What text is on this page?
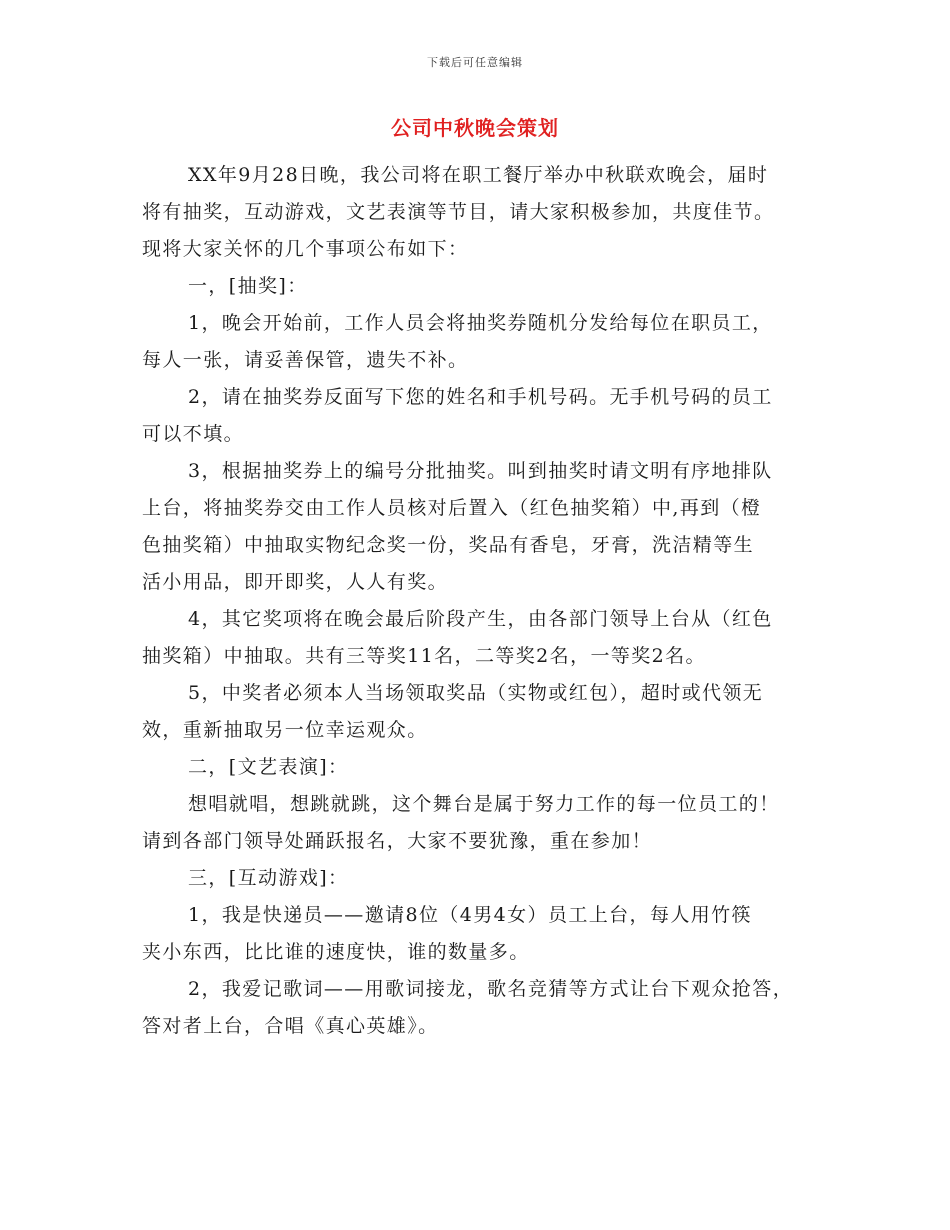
下载后可任意编辑
公司中秋晚会策划

XX年9月28日晚，我公司将在职工餐厅举办中秋联欢晚会，届时
将有抽奖，互动游戏，文艺表演等节目，请大家积极参加，共度佳节。
现将大家关怀的几个事项公布如下：

一，[抽奖]：

1，晚会开始前，工作人员会将抽奖券随机分发给每位在职员工，
每人一张，请妥善保管，遗失不补。

2，请在抽奖券反面写下您的姓名和手机号码。无手机号码的员工
可以不填。

3，根据抽奖券上的编号分批抽奖。叫到抽奖时请文明有序地排队
上台，将抽奖券交由工作人员核对后置入（红色抽奖箱）中,再到（橙
色抽奖箱）中抽取实物纪念奖一份，奖品有香皂，牙膏，洗洁精等生
活小用品，即开即奖，人人有奖。

4，其它奖项将在晚会最后阶段产生，由各部门领导上台从（红色
抽奖箱）中抽取。共有三等奖11名，二等奖2名，一等奖2名。

5，中奖者必须本人当场领取奖品（实物或红包），超时或代领无
效，重新抽取另一位幸运观众。

二，[文艺表演]：

想唱就唱，想跳就跳，这个舞台是属于努力工作的每一位员工的！
请到各部门领导处踊跃报名，大家不要犹豫，重在参加！

三，[互动游戏]：

1，我是快递员——邀请8位（4男4女）员工上台，每人用竹筷
夹小东西，比比谁的速度快，谁的数量多。

2，我爱记歌词——用歌词接龙，歌名竞猜等方式让台下观众抢答，
答对者上台，合唱《真心英雄》。
